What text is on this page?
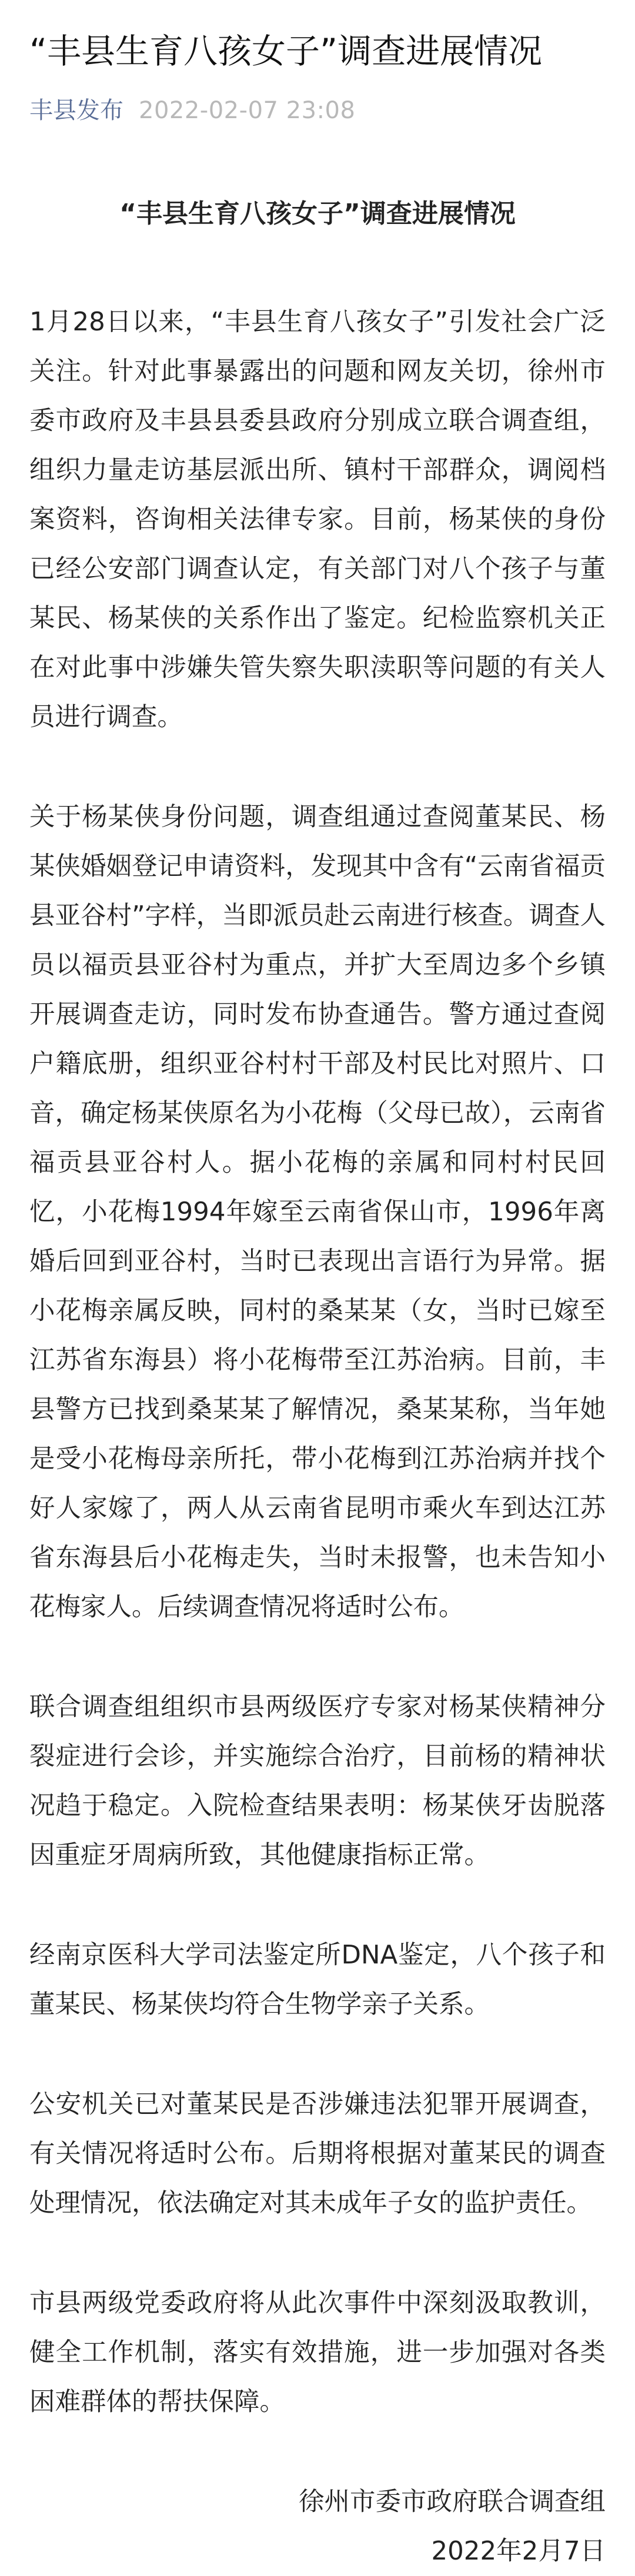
“丰县生育八孩女子”调查进展情况
丰县发布 2022-02-07 23:08
“丰县生育八孩女子”调查进展情况

1月28日以来，“丰县生育八孩女子”引发社会广泛关注。针对此事暴露出的问题和网友关切，徐州市委市政府及丰县县委县政府分别成立联合调查组，组织力量走访基层派出所、镇村干部群众，调阅档案资料，咨询相关法律专家。目前，杨某侠的身份已经公安部门调查认定，有关部门对八个孩子与董某民、杨某侠的关系作出了鉴定。纪检监察机关正在对此事中涉嫌失管失察失职渎职等问题的有关人员进行调查。

关于杨某侠身份问题，调查组通过查阅董某民、杨某侠婚姻登记申请资料，发现其中含有“云南省福贡县亚谷村”字样，当即派员赴云南进行核查。调查人员以福贡县亚谷村为重点，并扩大至周边多个乡镇开展调查走访，同时发布协查通告。警方通过查阅户籍底册，组织亚谷村村干部及村民比对照片、口音，确定杨某侠原名为小花梅（父母已故），云南省福贡县亚谷村人。据小花梅的亲属和同村村民回忆，小花梅1994年嫁至云南省保山市，1996年离婚后回到亚谷村，当时已表现出言语行为异常。据小花梅亲属反映，同村的桑某某（女，当时已嫁至江苏省东海县）将小花梅带至江苏治病。目前，丰县警方已找到桑某某了解情况，桑某某称，当年她是受小花梅母亲所托，带小花梅到江苏治病并找个好人家嫁了，两人从云南省昆明市乘火车到达江苏省东海县后小花梅走失，当时未报警，也未告知小花梅家人。后续调查情况将适时公布。

联合调查组组织市县两级医疗专家对杨某侠精神分裂症进行会诊，并实施综合治疗，目前杨的精神状况趋于稳定。入院检查结果表明：杨某侠牙齿脱落因重症牙周病所致，其他健康指标正常。

经南京医科大学司法鉴定所DNA鉴定，八个孩子和董某民、杨某侠均符合生物学亲子关系。

公安机关已对董某民是否涉嫌违法犯罪开展调查，有关情况将适时公布。后期将根据对董某民的调查处理情况，依法确定对其未成年子女的监护责任。

市县两级党委政府将从此次事件中深刻汲取教训，健全工作机制，落实有效措施，进一步加强对各类困难群体的帮扶保障。

徐州市委市政府联合调查组
2022年2月7日
